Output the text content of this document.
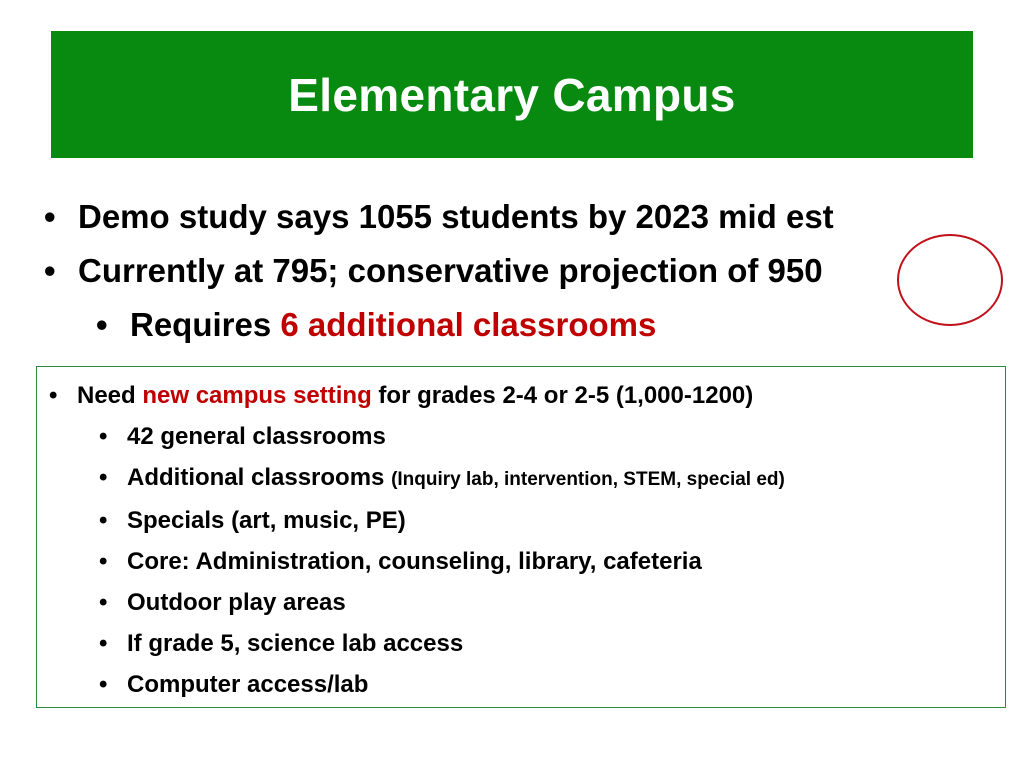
Elementary Campus
• Demo study says 1055 students by 2023 mid est
• Currently at 795; conservative projection of 950
• Requires 6 additional classrooms
• Need new campus setting for grades 2-4 or 2-5 (1,000-1200)
• 42 general classrooms
• Additional classrooms (Inquiry lab, intervention, STEM, special ed)
• Specials (art, music, PE)
• Core: Administration, counseling, library, cafeteria
• Outdoor play areas
• If grade 5, science lab access
• Computer access/lab
